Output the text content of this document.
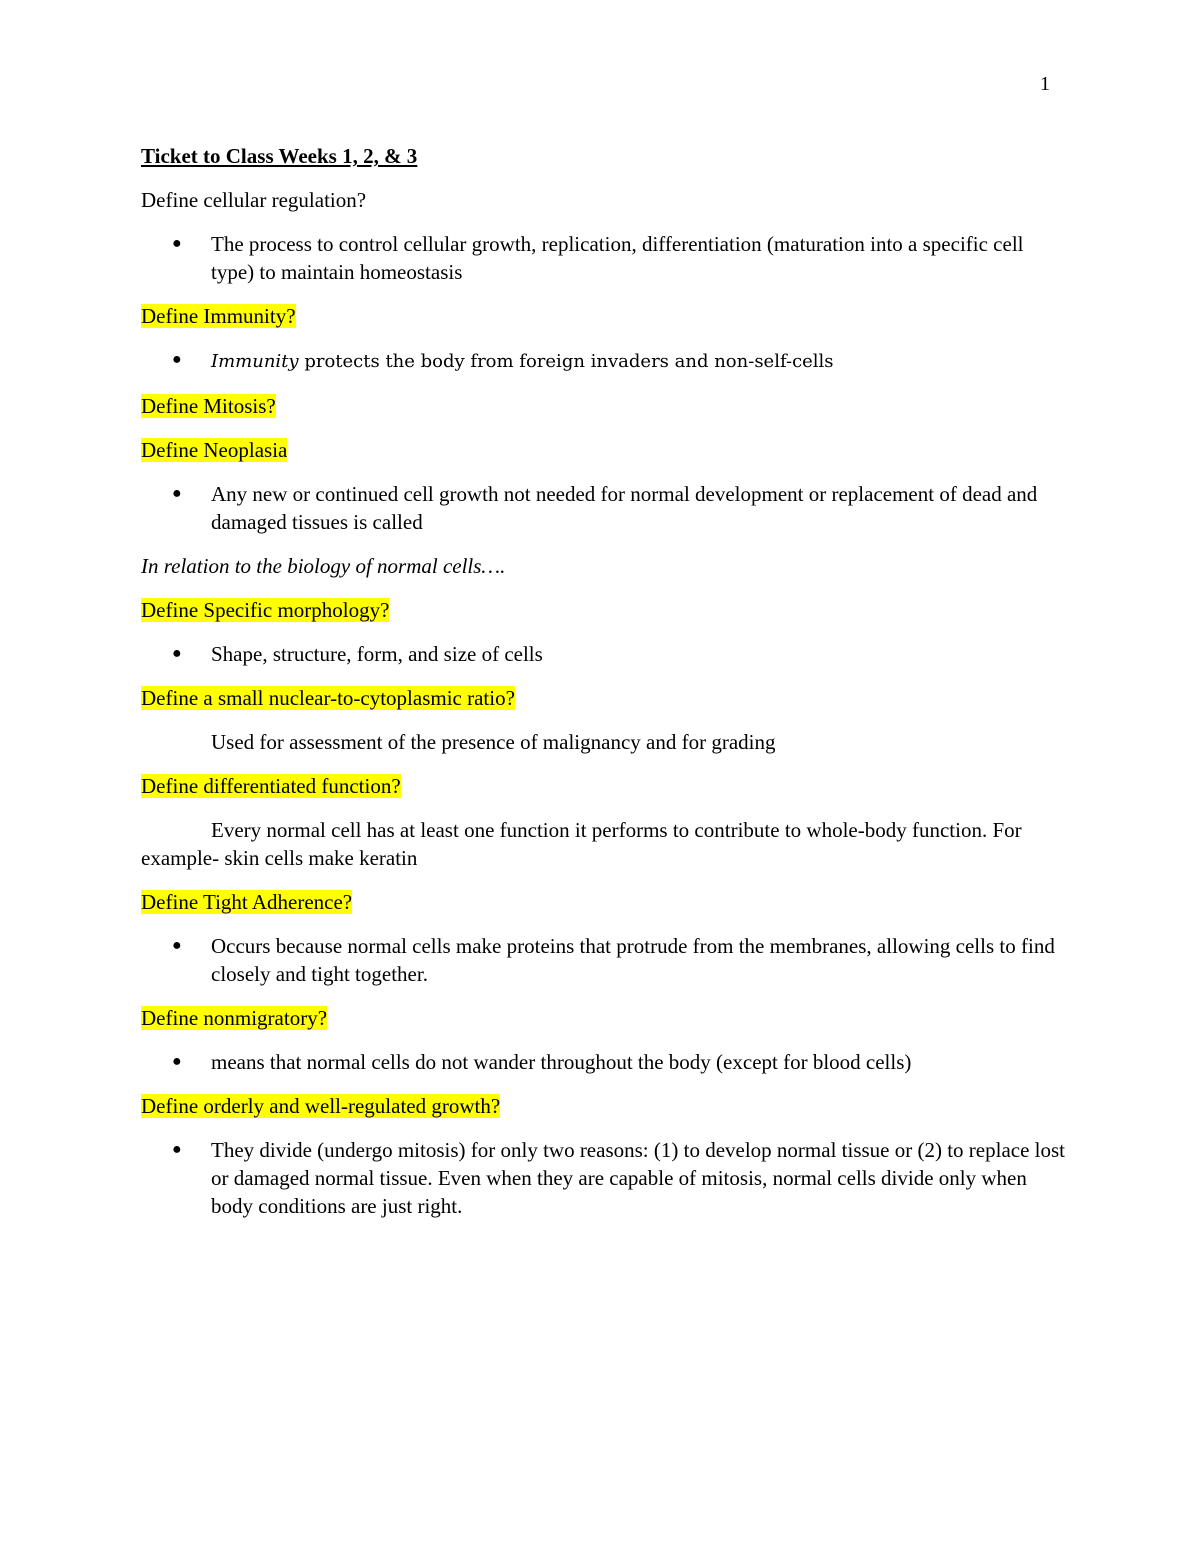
1

Ticket to Class Weeks 1, 2, & 3

Define cellular regulation?

● The process to control cellular growth, replication, differentiation (maturation into a specific cell type) to maintain homeostasis

Define Immunity?

● Immunity protects the body from foreign invaders and non-self-cells

Define Mitosis?

Define Neoplasia

● Any new or continued cell growth not needed for normal development or replacement of dead and damaged tissues is called

In relation to the biology of normal cells….

Define Specific morphology?

● Shape, structure, form, and size of cells

Define a small nuclear-to-cytoplasmic ratio?

Used for assessment of the presence of malignancy and for grading

Define differentiated function?

Every normal cell has at least one function it performs to contribute to whole-body function. For example- skin cells make keratin

Define Tight Adherence?

● Occurs because normal cells make proteins that protrude from the membranes, allowing cells to find closely and tight together.

Define nonmigratory?

● means that normal cells do not wander throughout the body (except for blood cells)

Define orderly and well-regulated growth?

● They divide (undergo mitosis) for only two reasons: (1) to develop normal tissue or (2) to replace lost or damaged normal tissue. Even when they are capable of mitosis, normal cells divide only when body conditions are just right.
